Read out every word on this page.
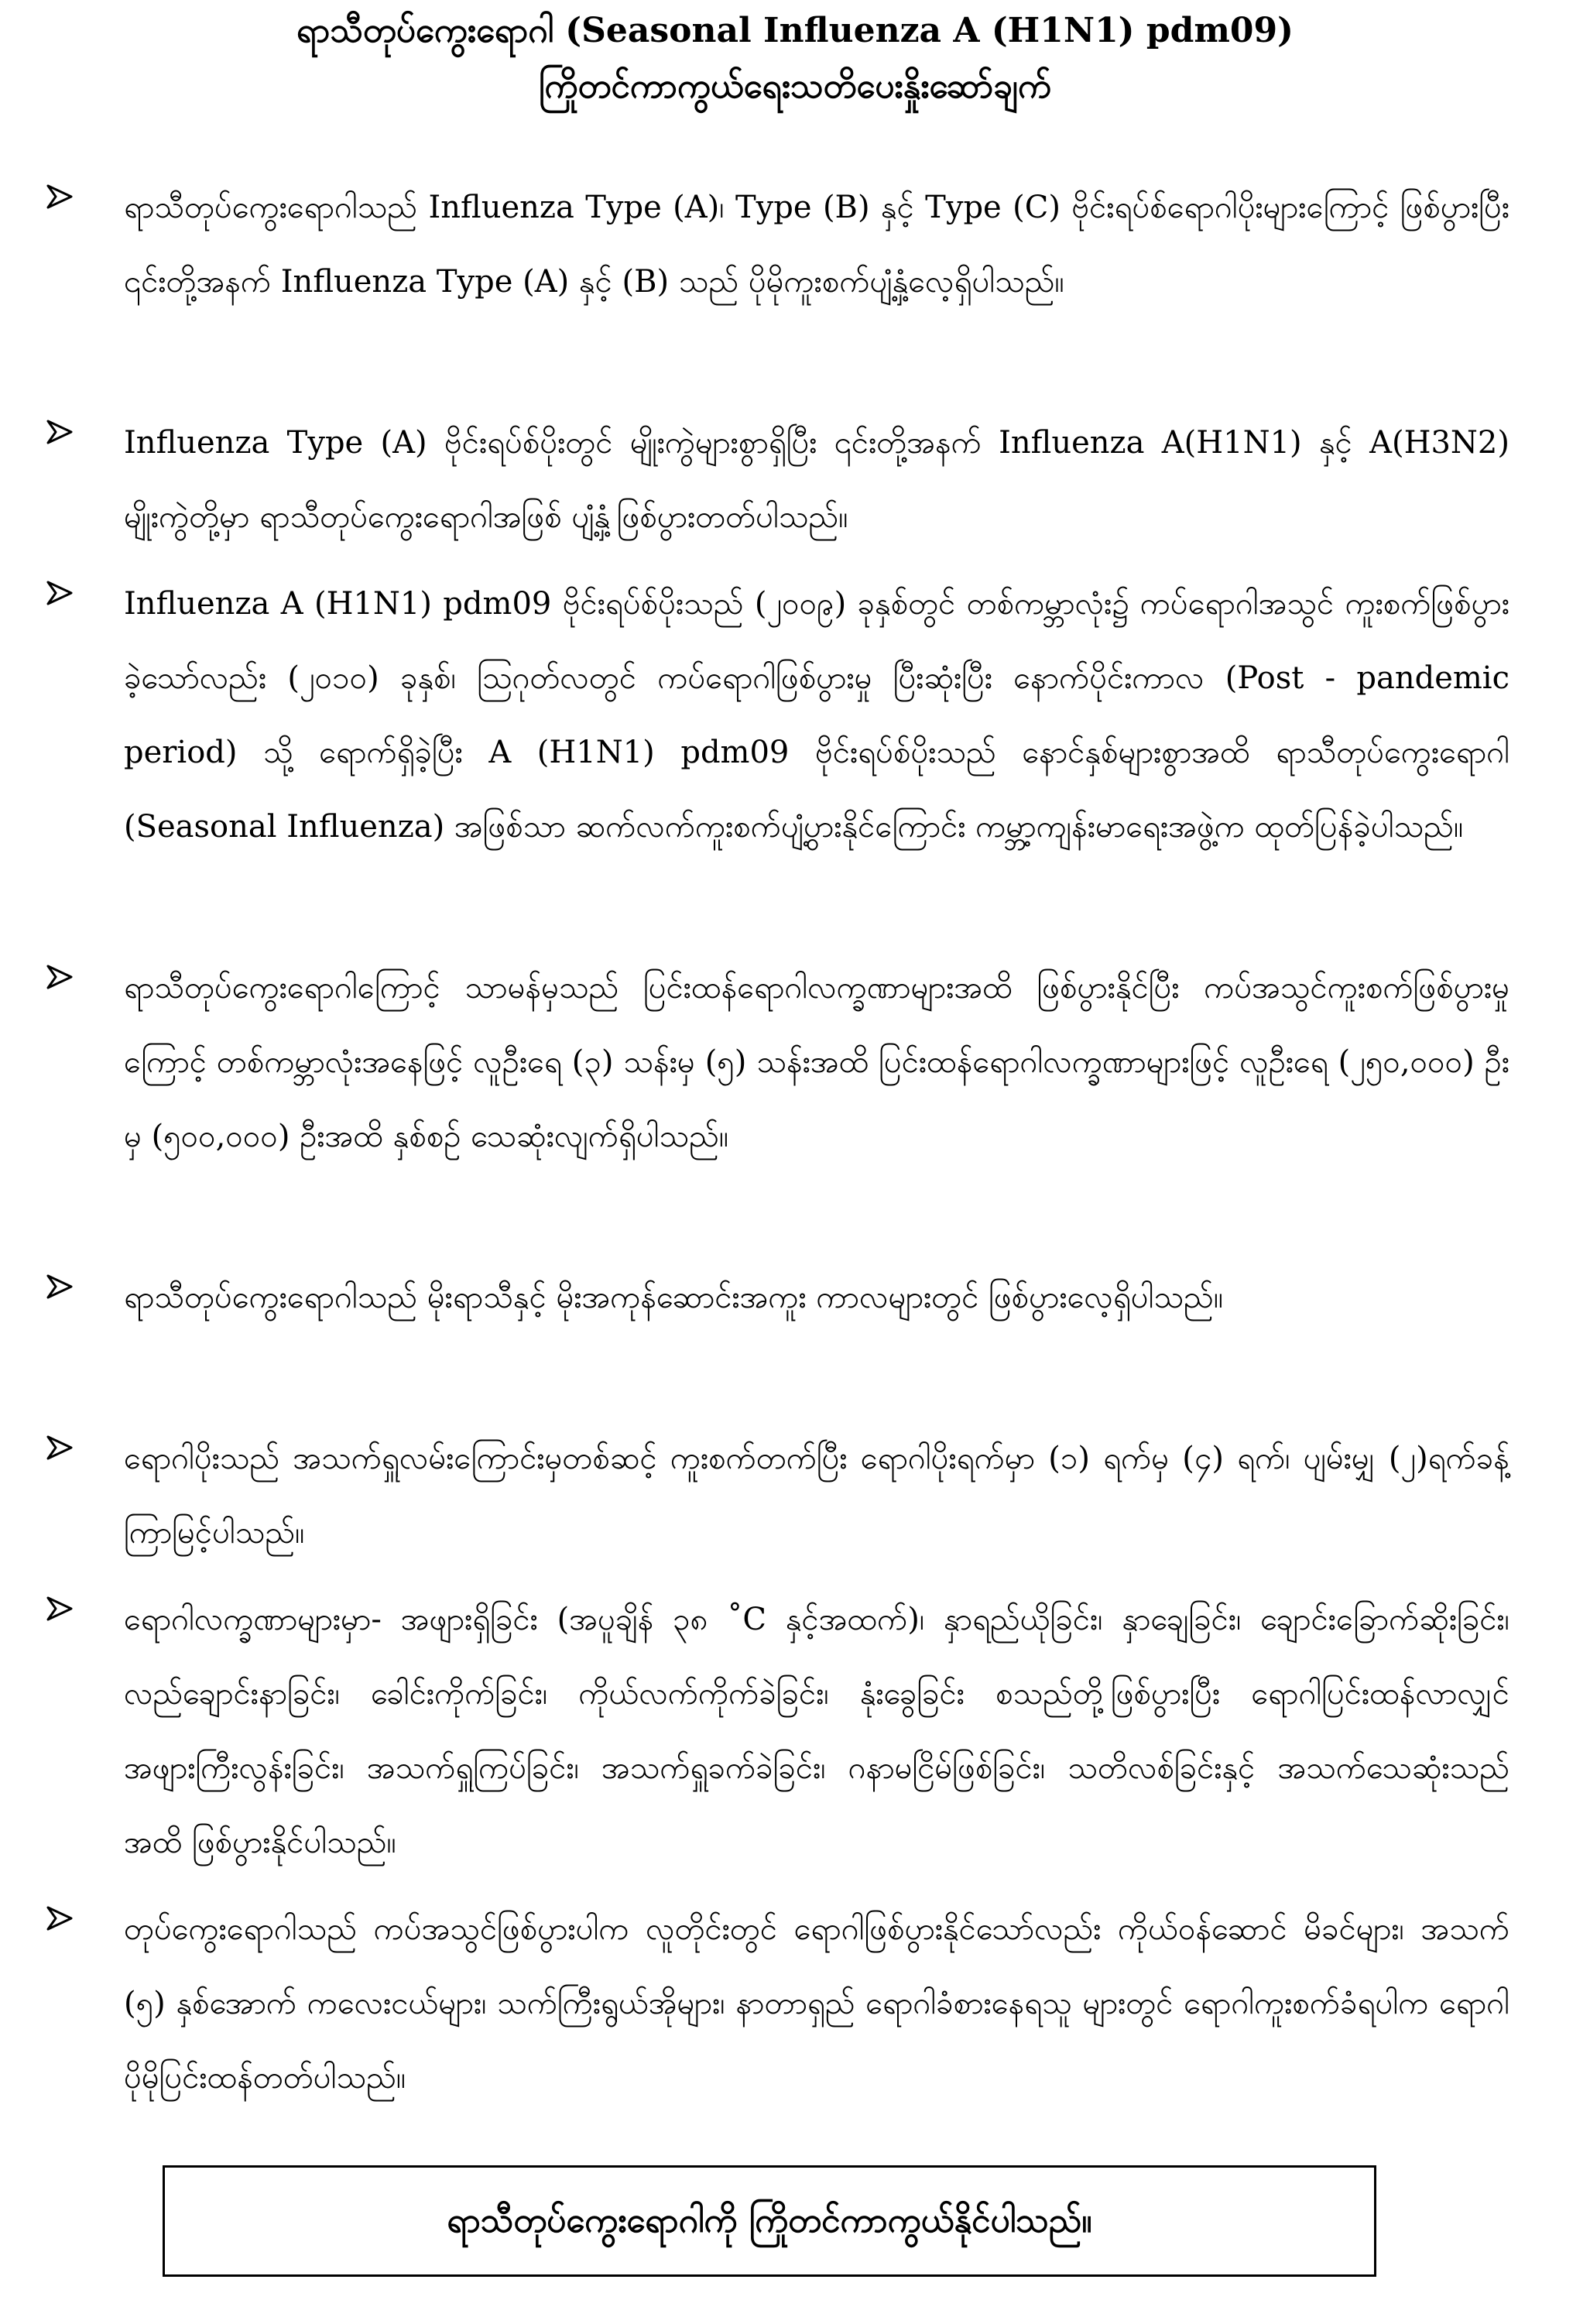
ရာသီတုပ်ကွေးရောဂါ (Seasonal Influenza A (H1N1) pdm09)
ကြိုတင်ကာကွယ်ရေးသတိပေးနှိုးဆော်ချက်
ရာသီတုပ်ကွေးရောဂါသည် Influenza Type (A)၊ Type (B) နှင့် Type (C) ဗိုင်းရပ်စ်ရောဂါပိုးများကြောင့် ဖြစ်ပွားပြီး ၎င်းတို့အနက် Influenza Type (A) နှင့် (B) သည် ပိုမိုကူးစက်ပျံ့နှံ့လေ့ရှိပါသည်။
Influenza Type (A) ဗိုင်းရပ်စ်ပိုးတွင် မျိုးကွဲများစွာရှိပြီး ၎င်းတို့အနက် Influenza A(H1N1) နှင့် A(H3N2) မျိုးကွဲတို့မှာ ရာသီတုပ်ကွေးရောဂါအဖြစ် ပျံ့နှံ့ဖြစ်ပွားတတ်ပါသည်။
Influenza A (H1N1) pdm09 ဗိုင်းရပ်စ်ပိုးသည် (၂၀၀၉) ခုနှစ်တွင် တစ်ကမ္ဘာလုံး၌ ကပ်ရောဂါအသွင် ကူးစက်ဖြစ်ပွားခဲ့သော်လည်း (၂၀၁၀) ခုနှစ်၊ ဩဂုတ်လတွင် ကပ်ရောဂါဖြစ်ပွားမှု ပြီးဆုံးပြီး နောက်ပိုင်းကာလ (Post - pandemic period) သို့ ရောက်ရှိခဲ့ပြီး A (H1N1) pdm09 ဗိုင်းရပ်စ်ပိုးသည် နောင်နှစ်များစွာအထိ ရာသီတုပ်ကွေးရောဂါ (Seasonal Influenza) အဖြစ်သာ ဆက်လက်ကူးစက်ပျံ့ပွားနိုင်ကြောင်း ကမ္ဘာ့ကျန်းမာရေးအဖွဲ့က ထုတ်ပြန်ခဲ့ပါသည်။
ရာသီတုပ်ကွေးရောဂါကြောင့် သာမန်မှသည် ပြင်းထန်ရောဂါလက္ခဏာများအထိ ဖြစ်ပွားနိုင်ပြီး ကပ်အသွင်ကူးစက်ဖြစ်ပွားမှုကြောင့် တစ်ကမ္ဘာလုံးအနေဖြင့် လူဦးရေ (၃) သန်းမှ (၅) သန်းအထိ ပြင်းထန်ရောဂါလက္ခဏာများဖြင့် လူဦးရေ (၂၅၀,၀၀၀) ဦး မှ (၅၀၀,၀၀၀) ဦးအထိ နှစ်စဉ် သေဆုံးလျက်ရှိပါသည်။
ရာသီတုပ်ကွေးရောဂါသည် မိုးရာသီနှင့် မိုးအကုန်ဆောင်းအကူး ကာလများတွင် ဖြစ်ပွားလေ့ရှိပါသည်။
ရောဂါပိုးသည် အသက်ရှူလမ်းကြောင်းမှတစ်ဆင့် ကူးစက်တက်ပြီး ရောဂါပိုးရက်မှာ (၁) ရက်မှ (၄) ရက်၊ ပျမ်းမျှ (၂)ရက်ခန့် ကြာမြင့်ပါသည်။
ရောဂါလက္ခဏာများမှာ- အဖျားရှိခြင်း (အပူချိန် ၃၈ ˚C နှင့်အထက်)၊ နှာရည်ယိုခြင်း၊ နှာချေခြင်း၊ ချောင်းခြောက်ဆိုးခြင်း၊ လည်ချောင်းနာခြင်း၊ ခေါင်းကိုက်ခြင်း၊ ကိုယ်လက်ကိုက်ခဲခြင်း၊ နုံးခွေခြင်း စသည်တို့ဖြစ်ပွားပြီး ရောဂါပြင်းထန်လာလျှင် အဖျားကြီးလွန်းခြင်း၊ အသက်ရှူကြပ်ခြင်း၊ အသက်ရှူခက်ခဲခြင်း၊ ဂနာမငြိမ်ဖြစ်ခြင်း၊ သတိလစ်ခြင်းနှင့် အသက်သေဆုံးသည် အထိ ဖြစ်ပွားနိုင်ပါသည်။
တုပ်ကွေးရောဂါသည် ကပ်အသွင်ဖြစ်ပွားပါက လူတိုင်းတွင် ရောဂါဖြစ်ပွားနိုင်သော်လည်း ကိုယ်ဝန်ဆောင် မိခင်များ၊ အသက် (၅) နှစ်အောက် ကလေးငယ်များ၊ သက်ကြီးရွယ်အိုများ၊ နာတာရှည် ရောဂါခံစားနေရသူ များတွင် ရောဂါကူးစက်ခံရပါက ရောဂါပိုမိုပြင်းထန်တတ်ပါသည်။
ရာသီတုပ်ကွေးရောဂါကို ကြိုတင်ကာကွယ်နိုင်ပါသည်။
